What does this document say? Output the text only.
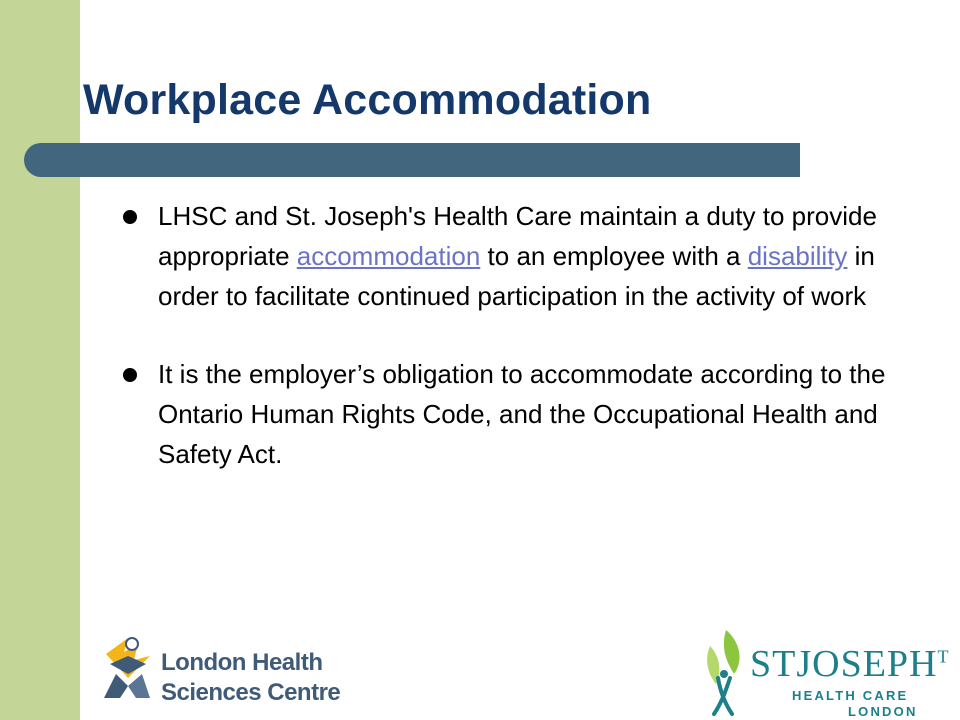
Workplace Accommodation
LHSC and St. Joseph's Health Care maintain a duty to provide appropriate accommodation to an employee with a disability in order to facilitate continued participation in the activity of work
It is the employer’s obligation to accommodate according to the Ontario Human Rights Code, and the Occupational Health and Safety Act.
London Health
Sciences Centre
$STJOSEPH^T$
HEALTH CARE
LONDON
